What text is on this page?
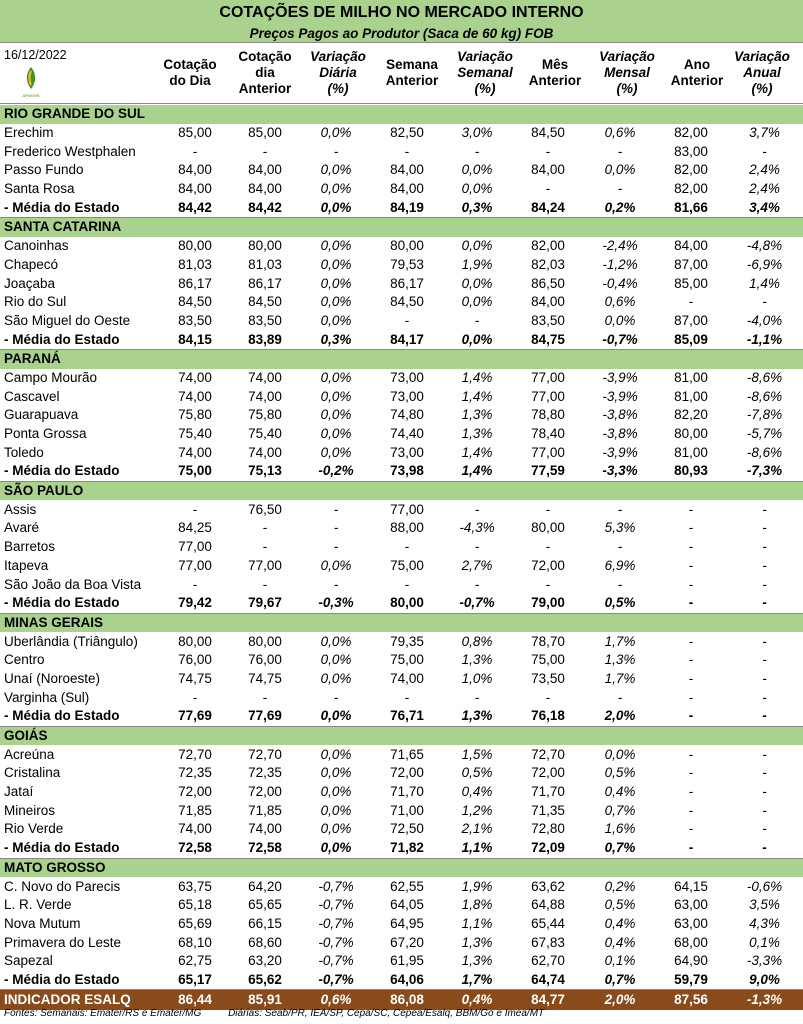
COTAÇÕES DE MILHO NO MERCADO INTERNO
Preços Pagos ao Produtor (Saca de 60 kg) FOB
16/12/2022
AFNEWS
Cotação
do Dia
Cotação
dia
Anterior
Variação
Diária
(%)
Semana
Anterior
Variação
Semanal
(%)
Mês
Anterior
Variação
Mensal
(%)
Ano
Anterior
Variação
Anual
(%)
RIO GRANDE DO SUL									
Erechim	85,00	85,00	0,0%	82,50	3,0%	84,50	0,6%	82,00	3,7%
Frederico Westphalen	-	-	-	-	-	-	-	83,00	-
Passo Fundo	84,00	84,00	0,0%	84,00	0,0%	84,00	0,0%	82,00	2,4%
Santa Rosa	84,00	84,00	0,0%	84,00	0,0%	-	-	82,00	2,4%
- Média do Estado	84,42	84,42	0,0%	84,19	0,3%	84,24	0,2%	81,66	3,4%
SANTA CATARINA									
Canoinhas	80,00	80,00	0,0%	80,00	0,0%	82,00	-2,4%	84,00	-4,8%
Chapecó	81,03	81,03	0,0%	79,53	1,9%	82,03	-1,2%	87,00	-6,9%
Joaçaba	86,17	86,17	0,0%	86,17	0,0%	86,50	-0,4%	85,00	1,4%
Rio do Sul	84,50	84,50	0,0%	84,50	0,0%	84,00	0,6%	-	-
São Miguel do Oeste	83,50	83,50	0,0%	-	-	83,50	0,0%	87,00	-4,0%
- Média do Estado	84,15	83,89	0,3%	84,17	0,0%	84,75	-0,7%	85,09	-1,1%
PARANÁ									
Campo Mourão	74,00	74,00	0,0%	73,00	1,4%	77,00	-3,9%	81,00	-8,6%
Cascavel	74,00	74,00	0,0%	73,00	1,4%	77,00	-3,9%	81,00	-8,6%
Guarapuava	75,80	75,80	0,0%	74,80	1,3%	78,80	-3,8%	82,20	-7,8%
Ponta Grossa	75,40	75,40	0,0%	74,40	1,3%	78,40	-3,8%	80,00	-5,7%
Toledo	74,00	74,00	0,0%	73,00	1,4%	77,00	-3,9%	81,00	-8,6%
- Média do Estado	75,00	75,13	-0,2%	73,98	1,4%	77,59	-3,3%	80,93	-7,3%
SÃO PAULO									
Assis	-	76,50	-	77,00	-	-	-	-	-
Avaré	84,25	-	-	88,00	-4,3%	80,00	5,3%	-	-
Barretos	77,00	-	-	-	-	-	-	-	-
Itapeva	77,00	77,00	0,0%	75,00	2,7%	72,00	6,9%	-	-
São João da Boa Vista	-	-	-	-	-	-	-	-	-
- Média do Estado	79,42	79,67	-0,3%	80,00	-0,7%	79,00	0,5%	-	-
MINAS GERAIS									
Uberlândia (Triângulo)	80,00	80,00	0,0%	79,35	0,8%	78,70	1,7%	-	-
Centro	76,00	76,00	0,0%	75,00	1,3%	75,00	1,3%	-	-
Unaí (Noroeste)	74,75	74,75	0,0%	74,00	1,0%	73,50	1,7%	-	-
Varginha (Sul)	-	-	-	-	-	-	-	-	-
- Média do Estado	77,69	77,69	0,0%	76,71	1,3%	76,18	2,0%	-	-
GOIÁS									
Acreúna	72,70	72,70	0,0%	71,65	1,5%	72,70	0,0%	-	-
Cristalina	72,35	72,35	0,0%	72,00	0,5%	72,00	0,5%	-	-
Jataí	72,00	72,00	0,0%	71,70	0,4%	71,70	0,4%	-	-
Mineiros	71,85	71,85	0,0%	71,00	1,2%	71,35	0,7%	-	-
Rio Verde	74,00	74,00	0,0%	72,50	2,1%	72,80	1,6%	-	-
- Média do Estado	72,58	72,58	0,0%	71,82	1,1%	72,09	0,7%	-	-
MATO GROSSO									
C. Novo do Parecis	63,75	64,20	-0,7%	62,55	1,9%	63,62	0,2%	64,15	-0,6%
L. R. Verde	65,18	65,65	-0,7%	64,05	1,8%	64,88	0,5%	63,00	3,5%
Nova Mutum	65,69	66,15	-0,7%	64,95	1,1%	65,44	0,4%	63,00	4,3%
Primavera do Leste	68,10	68,60	-0,7%	67,20	1,3%	67,83	0,4%	68,00	0,1%
Sapezal	62,75	63,20	-0,7%	61,95	1,3%	62,70	0,1%	64,90	-3,3%
- Média do Estado	65,17	65,62	-0,7%	64,06	1,7%	64,74	0,7%	59,79	9,0%
INDICADOR ESALQ	86,44	85,91	0,6%	86,08	0,4%	84,77	2,0%	87,56	-1,3%
Fontes: Semanais: Emater/RS e Emater/MG	Diárias: Seab/PR, IEA/SP, Cepa/SC, Cepea/Esalq, BBM/Go e Imea/MT
